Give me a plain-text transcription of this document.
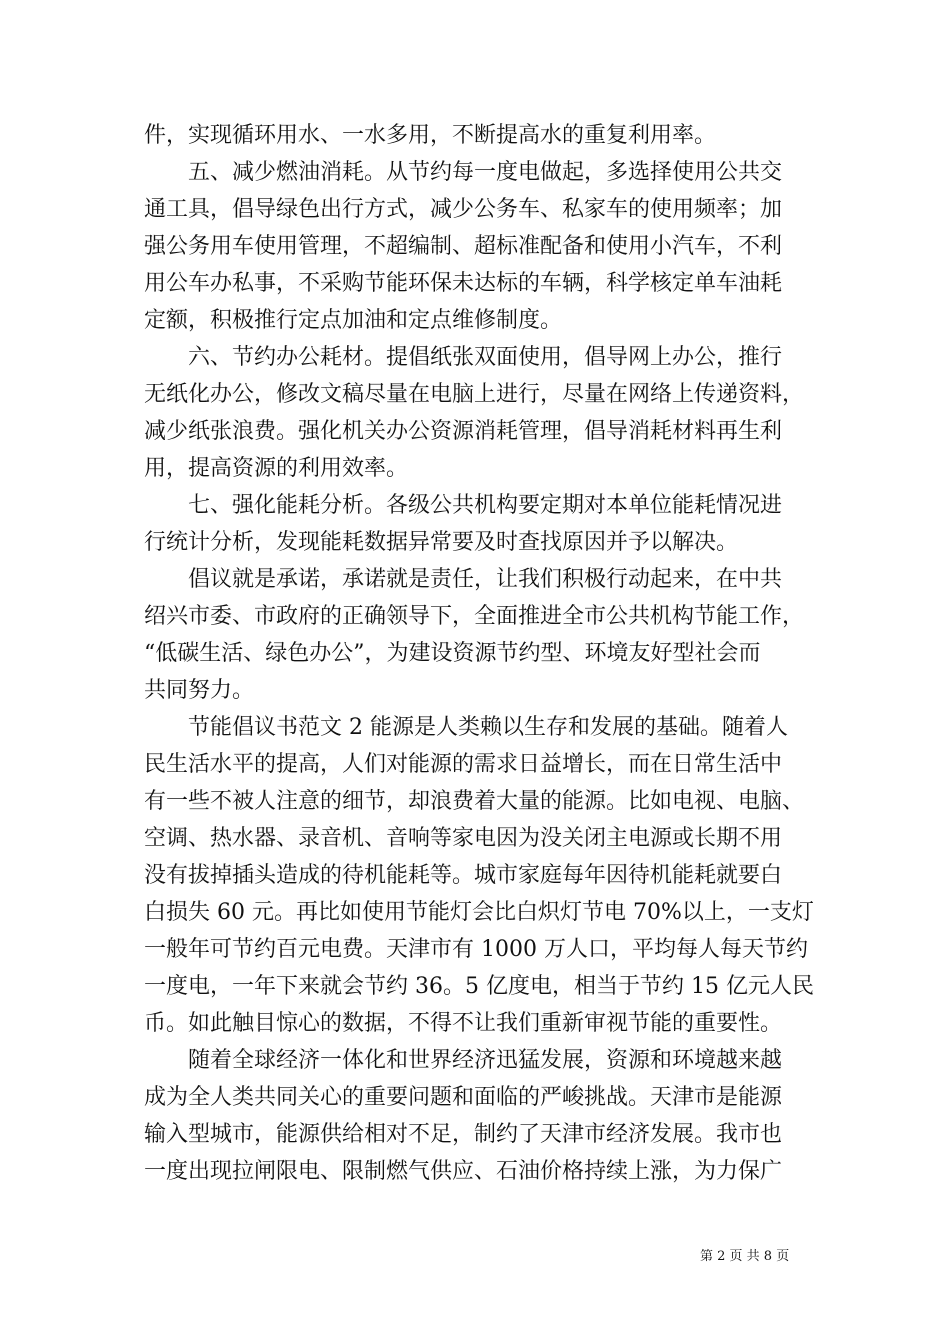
件，实现循环用水、一水多用，不断提高水的重复利用率。
　　五、减少燃油消耗。从节约每一度电做起，多选择使用公共交
通工具，倡导绿色出行方式，减少公务车、私家车的使用频率；加
强公务用车使用管理，不超编制、超标准配备和使用小汽车，不利
用公车办私事，不采购节能环保未达标的车辆，科学核定单车油耗
定额，积极推行定点加油和定点维修制度。
　　六、节约办公耗材。提倡纸张双面使用，倡导网上办公，推行
无纸化办公，修改文稿尽量在电脑上进行，尽量在网络上传递资料，
减少纸张浪费。强化机关办公资源消耗管理，倡导消耗材料再生利
用，提高资源的利用效率。
　　七、强化能耗分析。各级公共机构要定期对本单位能耗情况进
行统计分析，发现能耗数据异常要及时查找原因并予以解决。
　　倡议就是承诺，承诺就是责任，让我们积极行动起来，在中共
绍兴市委、市政府的正确领导下，全面推进全市公共机构节能工作，
“低碳生活、绿色办公”，为建设资源节约型、环境友好型社会而
共同努力。
　　节能倡议书范文 2 能源是人类赖以生存和发展的基础。随着人
民生活水平的提高，人们对能源的需求日益增长，而在日常生活中
有一些不被人注意的细节，却浪费着大量的能源。比如电视、电脑、
空调、热水器、录音机、音响等家电因为没关闭主电源或长期不用
没有拔掉插头造成的待机能耗等。城市家庭每年因待机能耗就要白
白损失 60 元。再比如使用节能灯会比白炽灯节电 70%以上，一支灯
一般年可节约百元电费。天津市有 1000 万人口，平均每人每天节约
一度电，一年下来就会节约 36。5 亿度电，相当于节约 15 亿元人民
币。如此触目惊心的数据，不得不让我们重新审视节能的重要性。
　　随着全球经济一体化和世界经济迅猛发展，资源和环境越来越
成为全人类共同关心的重要问题和面临的严峻挑战。天津市是能源
输入型城市，能源供给相对不足，制约了天津市经济发展。我市也
一度出现拉闸限电、限制燃气供应、石油价格持续上涨，为力保广
第 2 页 共 8 页
